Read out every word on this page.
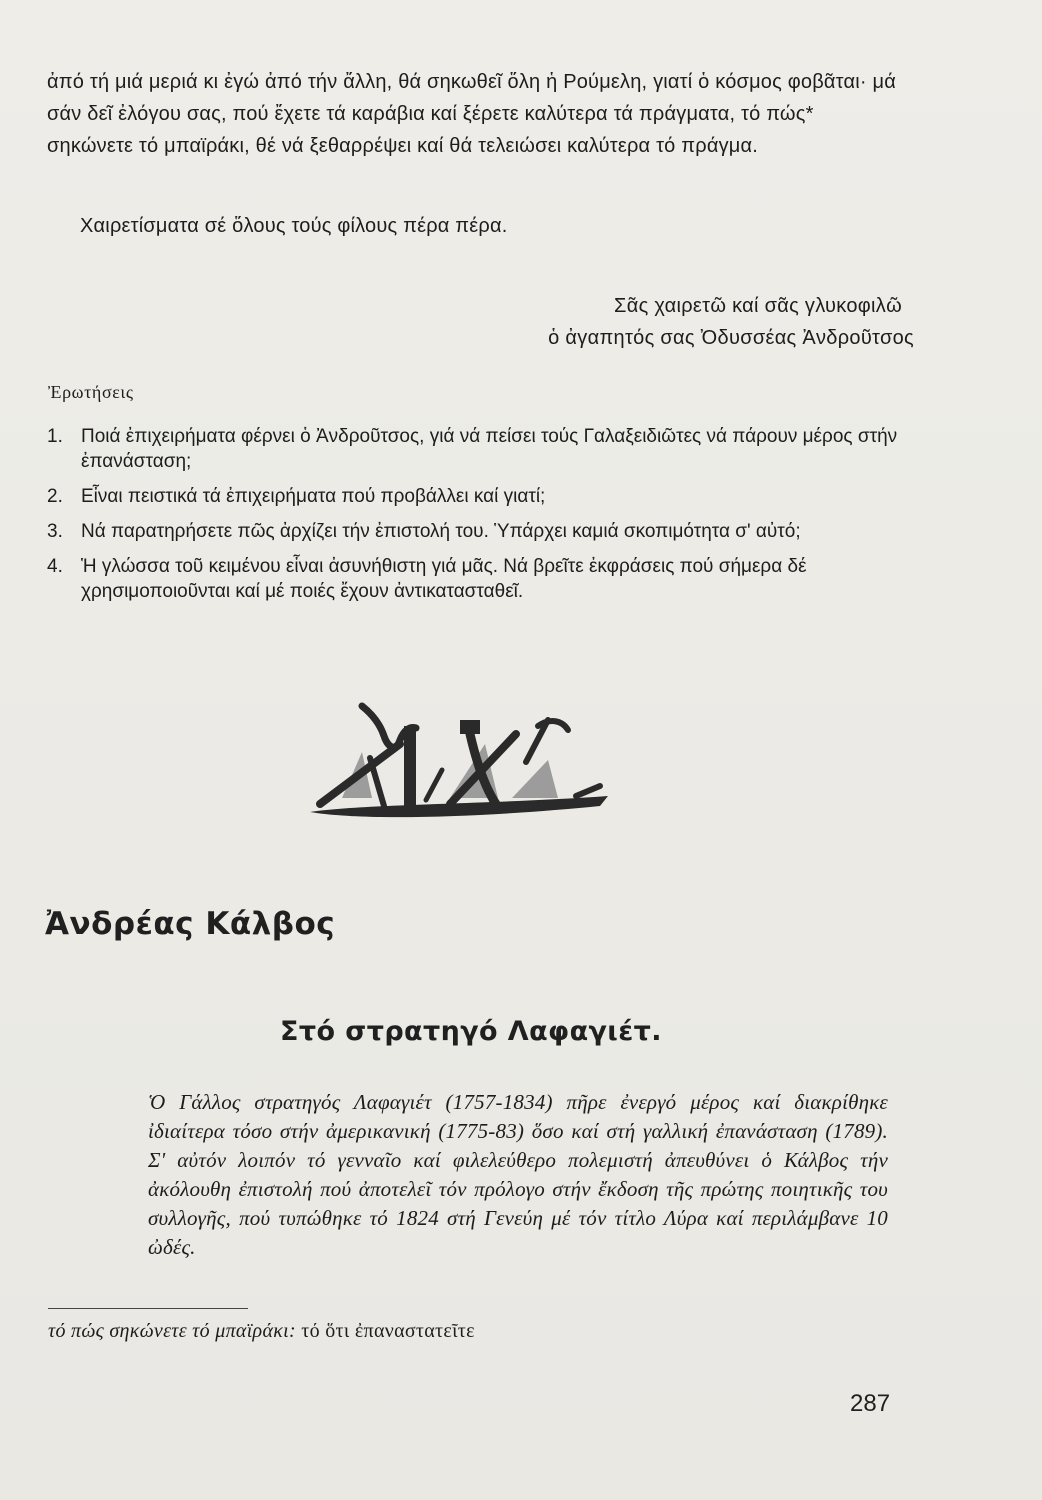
ἀπό τή μιά μεριά κι ἐγώ ἀπό τήν ἄλλη, θά σηκωθεῖ ὅλη ἡ Ρούμελη, γιατί ὁ κόσμος φοβᾶται· μά σάν δεῖ ἐλόγου σας, πού ἔχετε τά καράβια καί ξέρετε καλύτερα τά πράγματα, τό πώς* σηκώνετε τό μπαϊράκι, θέ νά ξεθαρρέψει καί θά τελειώσει καλύτερα τό πράγμα.

Χαιρετίσματα σέ ὅλους τούς φίλους πέρα πέρα.

Σᾶς χαιρετῶ καί σᾶς γλυκοφιλῶ
ὁ ἀγαπητός σας Ὀδυσσέας Ἀνδροῦτσος
Ἐρωτήσεις
1. Ποιά ἐπιχειρήματα φέρνει ὁ Ἀνδροῦτσος, γιά νά πείσει τούς Γαλαξειδιῶτες νά πάρουν μέρος στήν ἐπανάσταση;
2. Εἶναι πειστικά τά ἐπιχειρήματα πού προβάλλει καί γιατί;
3. Νά παρατηρήσετε πῶς ἀρχίζει τήν ἐπιστολή του. Ὑπάρχει καμιά σκοπιμότητα σ' αὐτό;
4. Ἡ γλώσσα τοῦ κειμένου εἶναι ἀσυνήθιστη γιά μᾶς. Νά βρεῖτε ἐκφράσεις πού σήμερα δέ χρησιμοποιοῦνται καί μέ ποιές ἔχουν ἀντικατασταθεῖ.
Ἀνδρέας Κάλβος
Στό στρατηγό Λαφαγιέτ.

Ὁ Γάλλος στρατηγός Λαφαγιέτ (1757-1834) πῆρε ἐνεργό μέρος καί διακρίθηκε ἰδιαίτερα τόσο στήν ἀμερικανική (1775-83) ὅσο καί στή γαλλική ἐπανάσταση (1789). Σ' αὐτόν λοιπόν τό γενναῖο καί φιλελεύθερο πολεμιστή ἀπευθύνει ὁ Κάλβος τήν ἀκόλουθη ἐπιστολή πού ἀποτελεῖ τόν πρόλογο στήν ἔκδοση τῆς πρώτης ποιητικῆς του συλλογῆς, πού τυπώθηκε τό 1824 στή Γενεύη μέ τόν τίτλο Λύρα καί περιλάμβανε 10 ὠδές.

τό πώς σηκώνετε τό μπαϊράκι: τό ὅτι ἐπαναστατεῖτε
287
